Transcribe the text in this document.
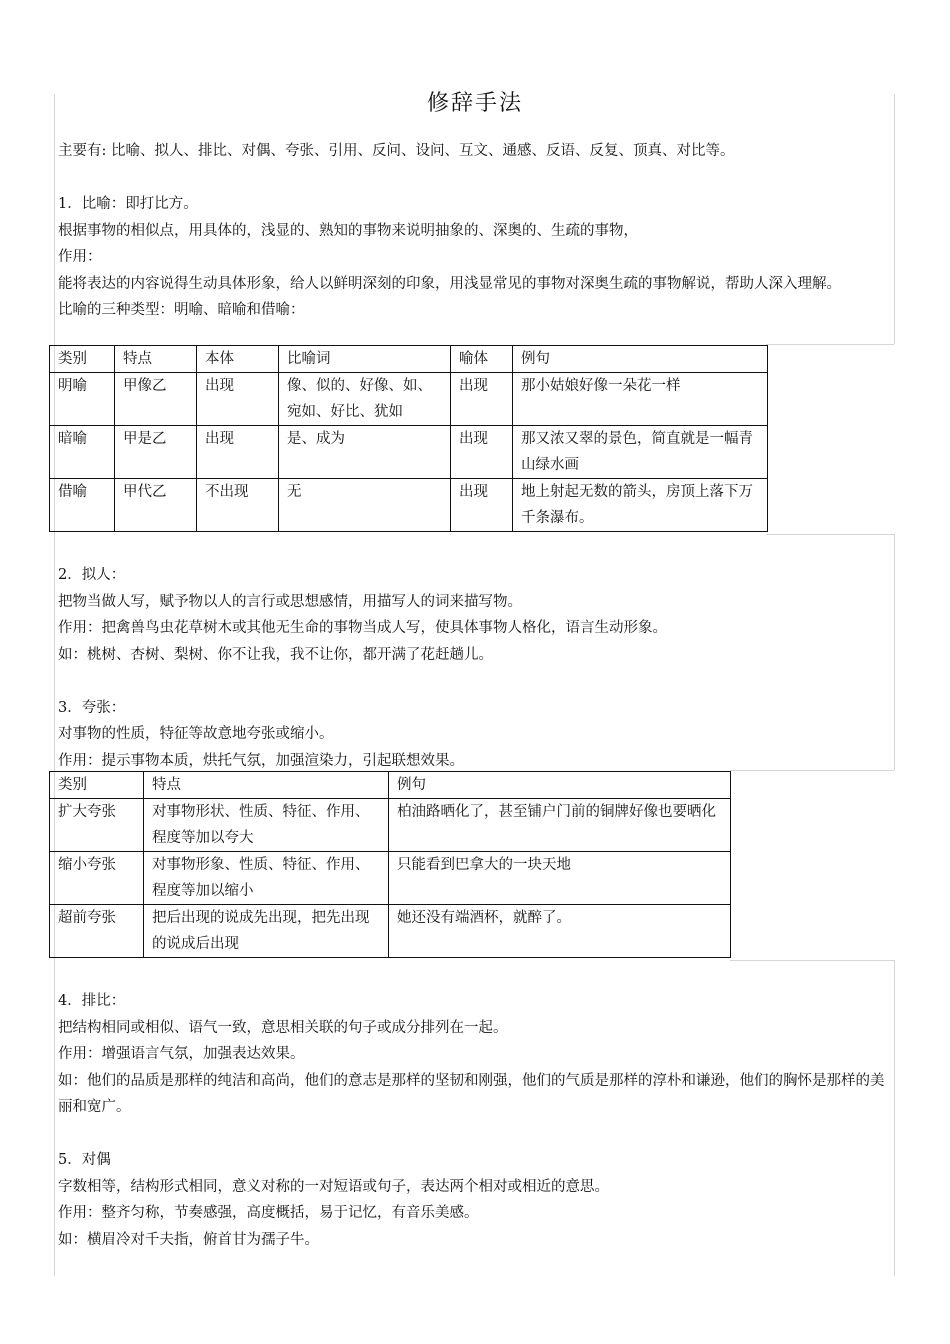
修辞手法

主要有: 比喻、拟人、排比、对偶、夸张、引用、反问、设问、互文、通感、反语、反复、顶真、对比等。

1．比喻：即打比方。

根据事物的相似点，用具体的，浅显的、熟知的事物来说明抽象的、深奥的、生疏的事物，

作用：

能将表达的内容说得生动具体形象，给人以鲜明深刻的印象，用浅显常见的事物对深奥生疏的事物解说，帮助人深入理解。

比喻的三种类型：明喻、暗喻和借喻：

类别	特点	本体	比喻词	喻体	例句
明喻	甲像乙	出现	像、似的、好像、如、宛如、好比、犹如	出现	那小姑娘好像一朵花一样
暗喻	甲是乙	出现	是、成为	出现	那又浓又翠的景色，简直就是一幅青山绿水画
借喻	甲代乙	不出现	无	出现	地上射起无数的箭头，房顶上落下万千条瀑布。

2．拟人：

把物当做人写，赋予物以人的言行或思想感情，用描写人的词来描写物。

作用：把禽兽鸟虫花草树木或其他无生命的事物当成人写，使具体事物人格化，语言生动形象。

如：桃树、杏树、梨树、你不让我，我不让你，都开满了花赶趟儿。

3．夸张：

对事物的性质，特征等故意地夸张或缩小。

作用：提示事物本质，烘托气氛，加强渲染力，引起联想效果。

类别	特点	例句
扩大夸张	对事物形状、性质、特征、作用、程度等加以夸大	柏油路晒化了，甚至铺户门前的铜牌好像也要晒化
缩小夸张	对事物形象、性质、特征、作用、程度等加以缩小	只能看到巴拿大的一块天地
超前夸张	把后出现的说成先出现，把先出现的说成后出现	她还没有端酒杯，就醉了。

4．排比：

把结构相同或相似、语气一致，意思相关联的句子或成分排列在一起。

作用：增强语言气氛，加强表达效果。

如：他们的品质是那样的纯洁和高尚，他们的意志是那样的坚韧和刚强，他们的气质是那样的淳朴和谦逊，他们的胸怀是那样的美丽和宽广。

5．对偶

字数相等，结构形式相同，意义对称的一对短语或句子，表达两个相对或相近的意思。

作用：整齐匀称，节奏感强，高度概括，易于记忆，有音乐美感。

如：横眉冷对千夫指，俯首甘为孺子牛。
